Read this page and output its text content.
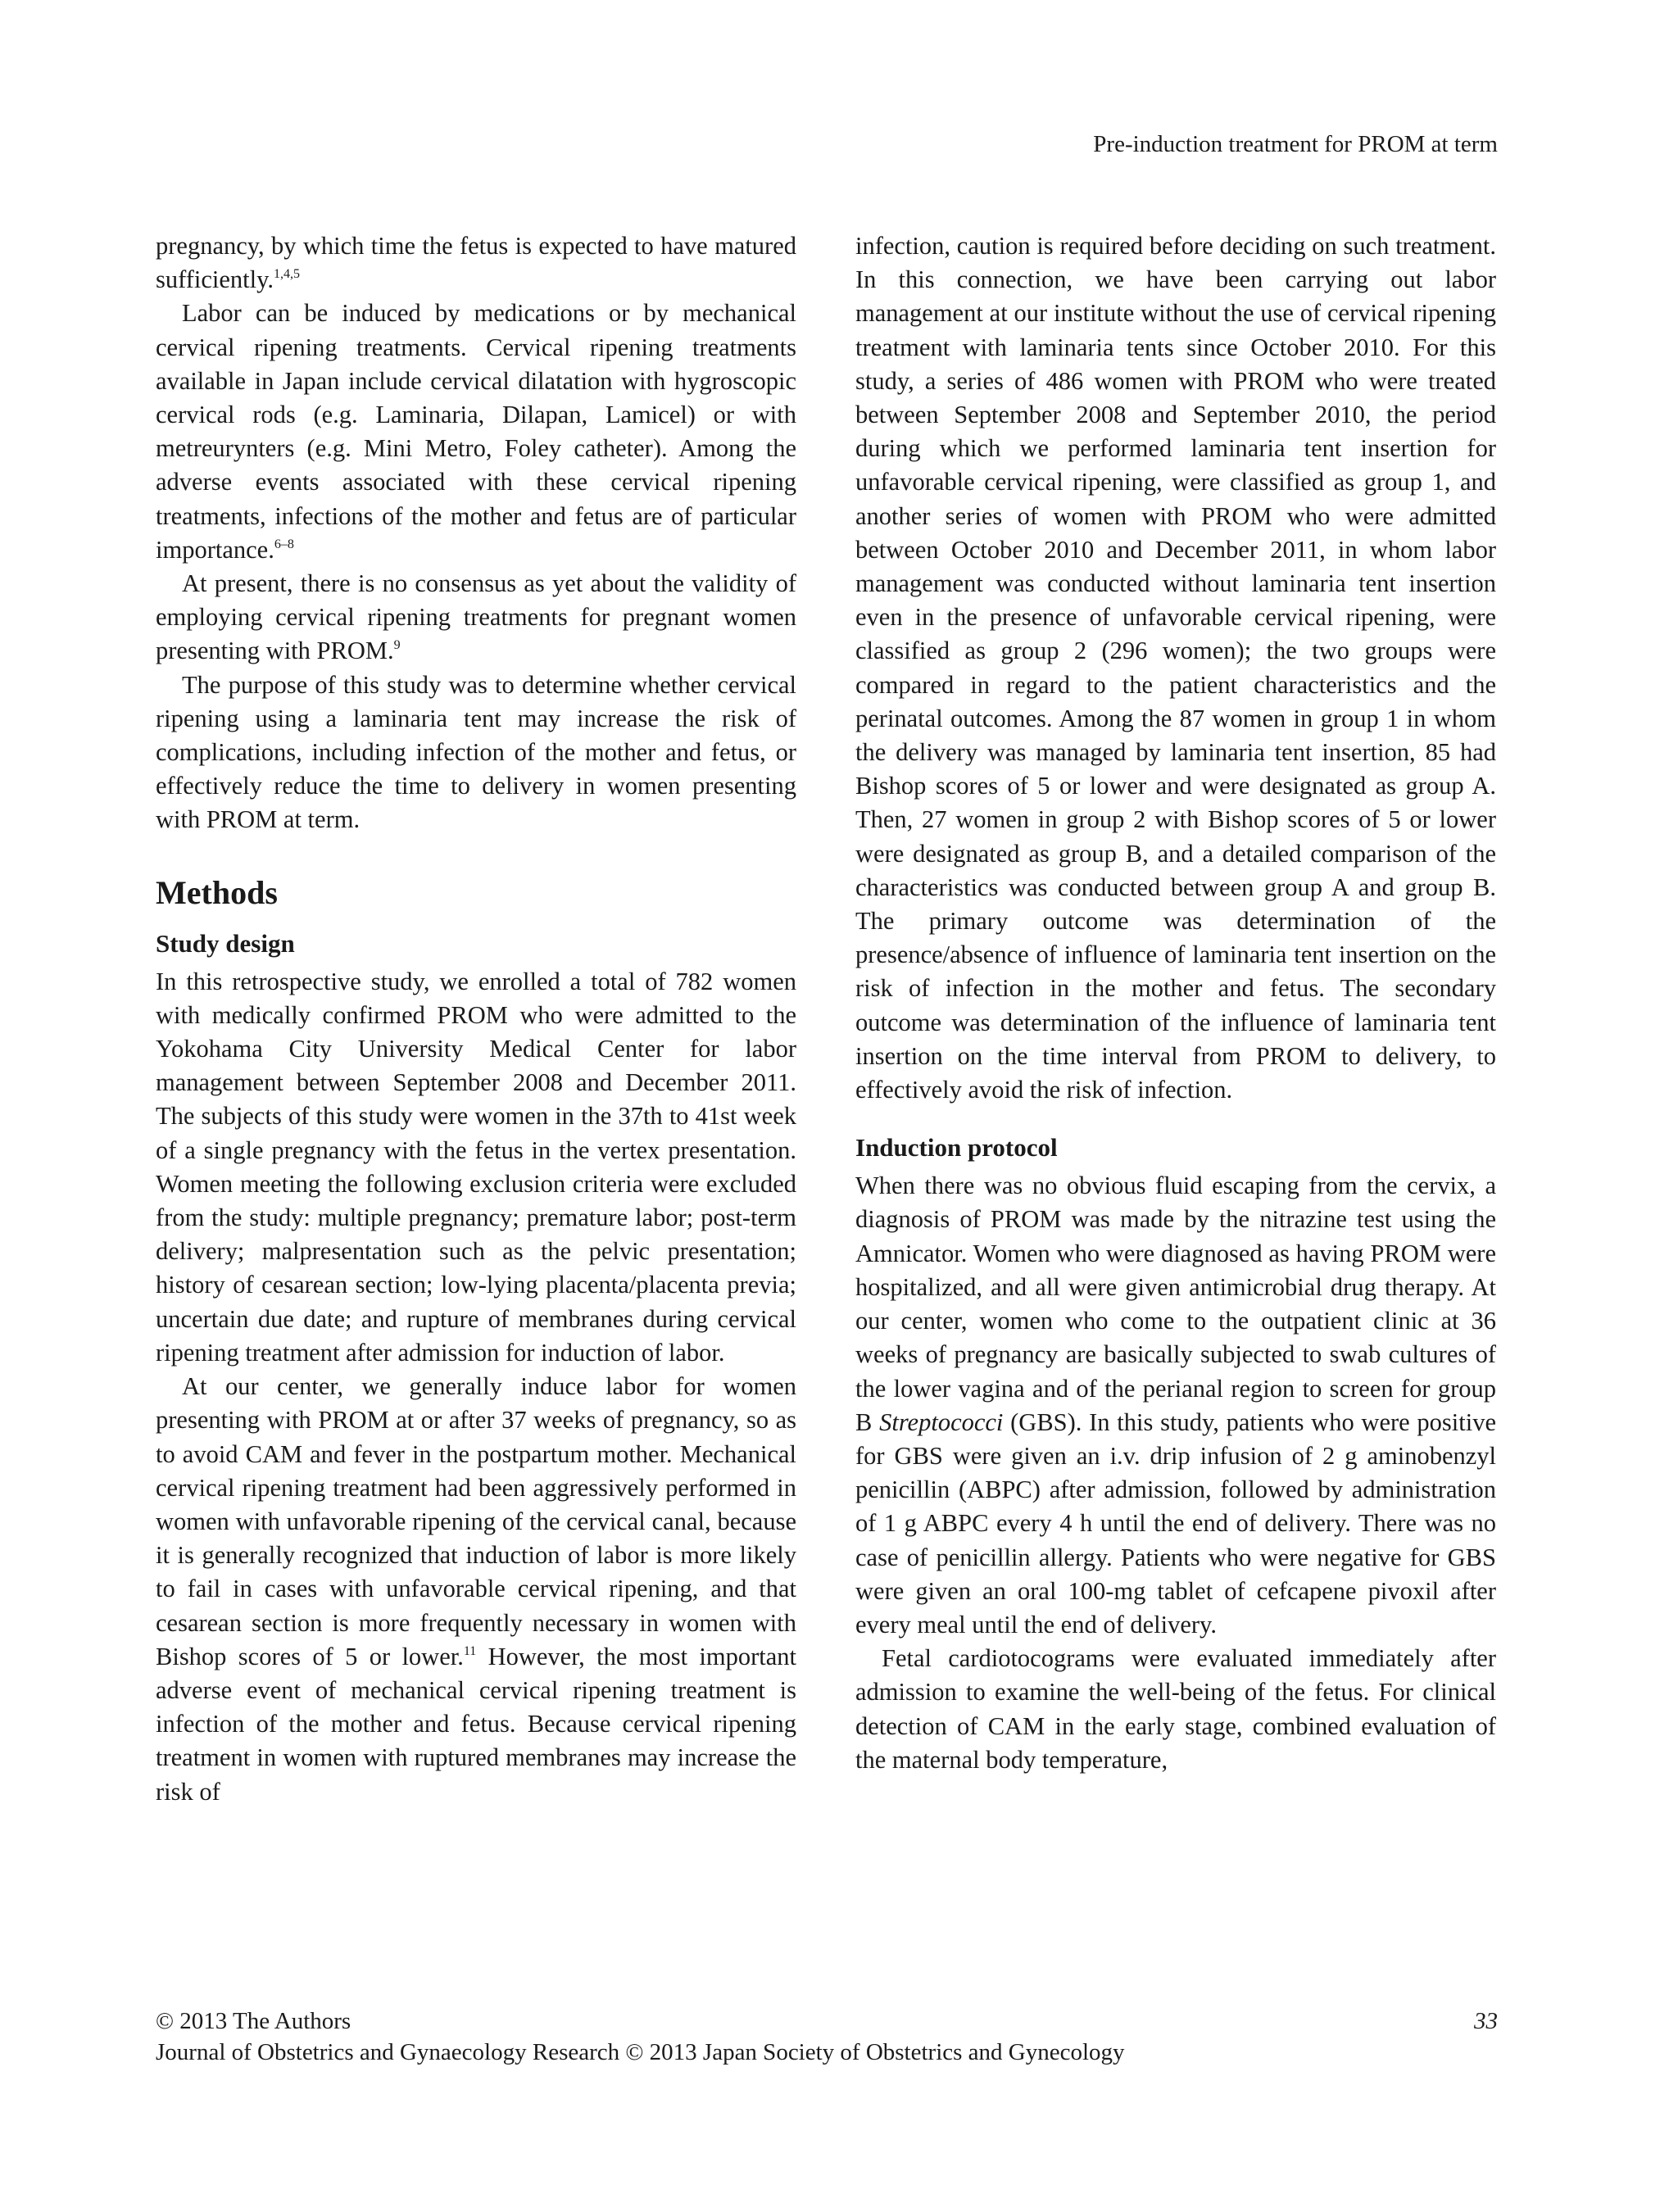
Pre-induction treatment for PROM at term

pregnancy, by which time the fetus is expected to have matured sufficiently.$^{1,4,5}$

Labor can be induced by medications or by mechanical cervical ripening treatments. Cervical ripening treatments available in Japan include cervical dilatation with hygroscopic cervical rods (e.g. Laminaria, Dilapan, Lamicel) or with metreurynters (e.g. Mini Metro, Foley catheter). Among the adverse events associated with these cervical ripening treatments, infections of the mother and fetus are of particular importance.$^{6-8}$

At present, there is no consensus as yet about the validity of employing cervical ripening treatments for pregnant women presenting with PROM.$^9$

The purpose of this study was to determine whether cervical ripening using a laminaria tent may increase the risk of complications, including infection of the mother and fetus, or effectively reduce the time to delivery in women presenting with PROM at term.

Methods
Study design

In this retrospective study, we enrolled a total of 782 women with medically confirmed PROM who were admitted to the Yokohama City University Medical Center for labor management between September 2008 and December 2011. The subjects of this study were women in the 37th to 41st week of a single pregnancy with the fetus in the vertex presentation. Women meeting the following exclusion criteria were excluded from the study: multiple pregnancy; premature labor; post-term delivery; malpresentation such as the pelvic presentation; history of cesarean section; low-lying placenta/placenta previa; uncertain due date; and rupture of membranes during cervical ripening treatment after admission for induction of labor.

At our center, we generally induce labor for women presenting with PROM at or after 37 weeks of pregnancy, so as to avoid CAM and fever in the postpartum mother. Mechanical cervical ripening treatment had been aggressively performed in women with unfavorable ripening of the cervical canal, because it is generally recognized that induction of labor is more likely to fail in cases with unfavorable cervical ripening, and that cesarean section is more frequently necessary in women with Bishop scores of 5 or lower.$^{11}$ However, the most important adverse event of mechanical cervical ripening treatment is infection of the mother and fetus. Because cervical ripening treatment in women with ruptured membranes may increase the risk of

infection, caution is required before deciding on such treatment. In this connection, we have been carrying out labor management at our institute without the use of cervical ripening treatment with laminaria tents since October 2010. For this study, a series of 486 women with PROM who were treated between September 2008 and September 2010, the period during which we performed laminaria tent insertion for unfavorable cervical ripening, were classified as group 1, and another series of women with PROM who were admitted between October 2010 and December 2011, in whom labor management was conducted without laminaria tent insertion even in the presence of unfavorable cervical ripening, were classified as group 2 (296 women); the two groups were compared in regard to the patient characteristics and the perinatal outcomes. Among the 87 women in group 1 in whom the delivery was managed by laminaria tent insertion, 85 had Bishop scores of 5 or lower and were designated as group A. Then, 27 women in group 2 with Bishop scores of 5 or lower were designated as group B, and a detailed comparison of the characteristics was conducted between group A and group B. The primary outcome was determination of the presence/absence of influence of laminaria tent insertion on the risk of infection in the mother and fetus. The secondary outcome was determination of the influence of laminaria tent insertion on the time interval from PROM to delivery, to effectively avoid the risk of infection.

Induction protocol

When there was no obvious fluid escaping from the cervix, a diagnosis of PROM was made by the nitrazine test using the Amnicator. Women who were diagnosed as having PROM were hospitalized, and all were given antimicrobial drug therapy. At our center, women who come to the outpatient clinic at 36 weeks of pregnancy are basically subjected to swab cultures of the lower vagina and of the perianal region to screen for group B Streptococci (GBS). In this study, patients who were positive for GBS were given an i.v. drip infusion of 2 g aminobenzyl penicillin (ABPC) after admission, followed by administration of 1 g ABPC every 4 h until the end of delivery. There was no case of penicillin allergy. Patients who were negative for GBS were given an oral 100-mg tablet of cefcapene pivoxil after every meal until the end of delivery.

Fetal cardiotocograms were evaluated immediately after admission to examine the well-being of the fetus. For clinical detection of CAM in the early stage, combined evaluation of the maternal body temperature,

© 2013 The Authors	33
Journal of Obstetrics and Gynaecology Research © 2013 Japan Society of Obstetrics and Gynecology
